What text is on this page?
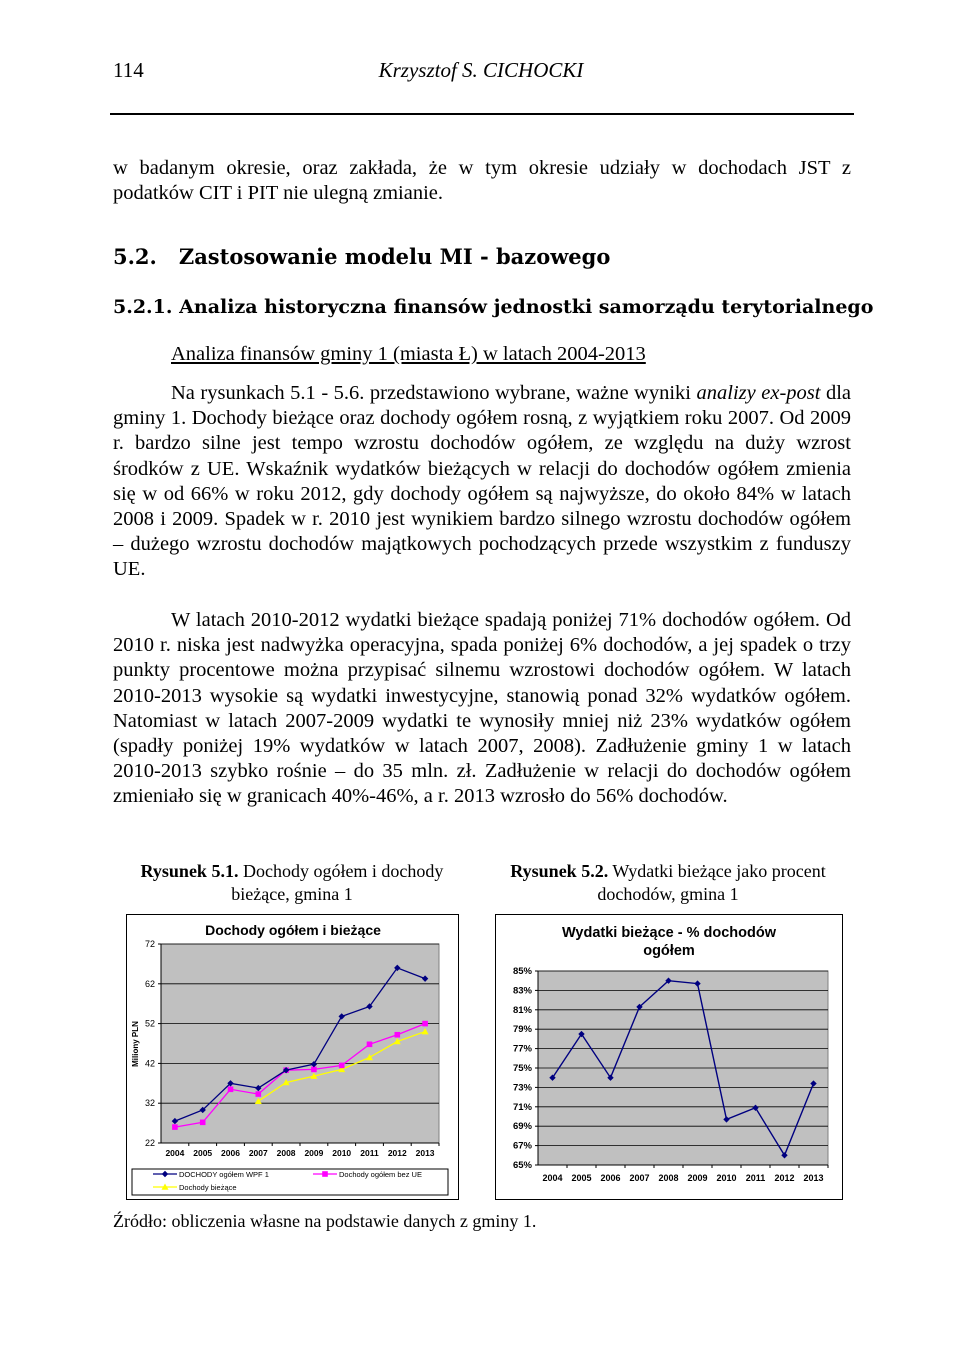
114	Krzysztof S. CICHOCKI
w badanym okresie, oraz zakłada, że w tym okresie udziały w dochodach JST z podatków CIT i PIT nie ulegną zmianie.
5.2. Zastosowanie modelu MI - bazowego
5.2.1. Analiza historyczna finansów jednostki samorządu terytorialnego
Analiza finansów gminy 1 (miasta Ł) w latach 2004-2013
Na rysunkach 5.1 - 5.6. przedstawiono wybrane, ważne wyniki analizy ex-post dla gminy 1. Dochody bieżące oraz dochody ogółem rosną, z wyjątkiem roku 2007. Od 2009 r. bardzo silne jest tempo wzrostu dochodów ogółem, ze względu na duży wzrost środków z UE. Wskaźnik wydatków bieżących w relacji do dochodów ogółem zmienia się w od 66% w roku 2012, gdy dochody ogółem są najwyższe, do około 84% w latach 2008 i 2009. Spadek w r. 2010 jest wynikiem bardzo silnego wzrostu dochodów ogółem – dużego wzrostu dochodów majątkowych pochodzących przede wszystkim z funduszy UE.
W latach 2010-2012 wydatki bieżące spadają poniżej 71% dochodów ogółem. Od 2010 r. niska jest nadwyżka operacyjna, spada poniżej 6% dochodów, a jej spadek o trzy punkty procentowe można przypisać silnemu wzrostowi dochodów ogółem. W latach 2010-2013 wysokie są wydatki inwestycyjne, stanowią ponad 32% wydatków ogółem. Natomiast w latach 2007-2009 wydatki te wynosiły mniej niż 23% wydatków ogółem (spadły poniżej 19% wydatków w latach 2007, 2008). Zadłużenie gminy 1 w latach 2010-2013 szybko rośnie – do 35 mln. zł. Zadłużenie w relacji do dochodów ogółem zmieniało się w granicach 40%-46%, a r. 2013 wzrosło do 56% dochodów.
Rysunek 5.1. Dochody ogółem i dochody bieżące, gmina 1
Rysunek 5.2. Wydatki bieżące jako procent dochodów, gmina 1
Dochody ogółem i bieżące
Miliony PLN
22
32
42
52
62
72
2004 2005 2006 2007 2008 2009 2010 2011 2012 2013
DOCHODY ogółem WPF 1	Dochody ogółem bez UE
Dochody bieżące
Wydatki bieżące - % dochodów ogółem
65%
67%
69%
71%
73%
75%
77%
79%
81%
83%
85%
2004 2005 2006 2007 2008 2009 2010 2011 2012 2013
Źródło: obliczenia własne na podstawie danych z gminy 1.
